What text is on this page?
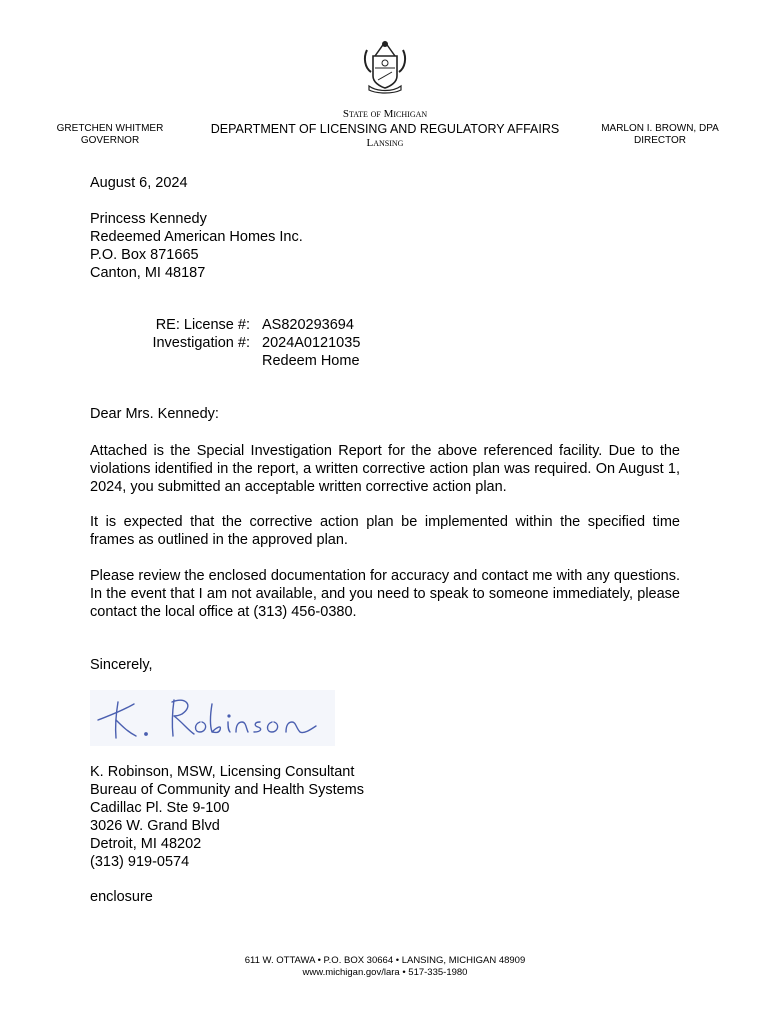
GRETCHEN WHITMER
GOVERNOR
State of Michigan
DEPARTMENT OF LICENSING AND REGULATORY AFFAIRS
Lansing
MARLON I. BROWN, DPA
DIRECTOR
August 6, 2024
Princess Kennedy
Redeemed American Homes Inc.
P.O. Box 871665
Canton, MI 48187
RE: License #:
Investigation #:
AS820293694
2024A0121035
Redeem Home
Dear Mrs. Kennedy:
Attached is the Special Investigation Report for the above referenced facility. Due to the violations identified in the report, a written corrective action plan was required. On August 1, 2024, you submitted an acceptable written corrective action plan.
It is expected that the corrective action plan be implemented within the specified time frames as outlined in the approved plan.
Please review the enclosed documentation for accuracy and contact me with any questions. In the event that I am not available, and you need to speak to someone immediately, please contact the local office at (313) 456-0380.
Sincerely,
K. Robinson, MSW, Licensing Consultant
Bureau of Community and Health Systems
Cadillac Pl. Ste 9-100
3026 W. Grand Blvd
Detroit, MI 48202
(313) 919-0574
enclosure
611 W. OTTAWA • P.O. BOX 30664 • LANSING, MICHIGAN 48909
www.michigan.gov/lara • 517-335-1980
